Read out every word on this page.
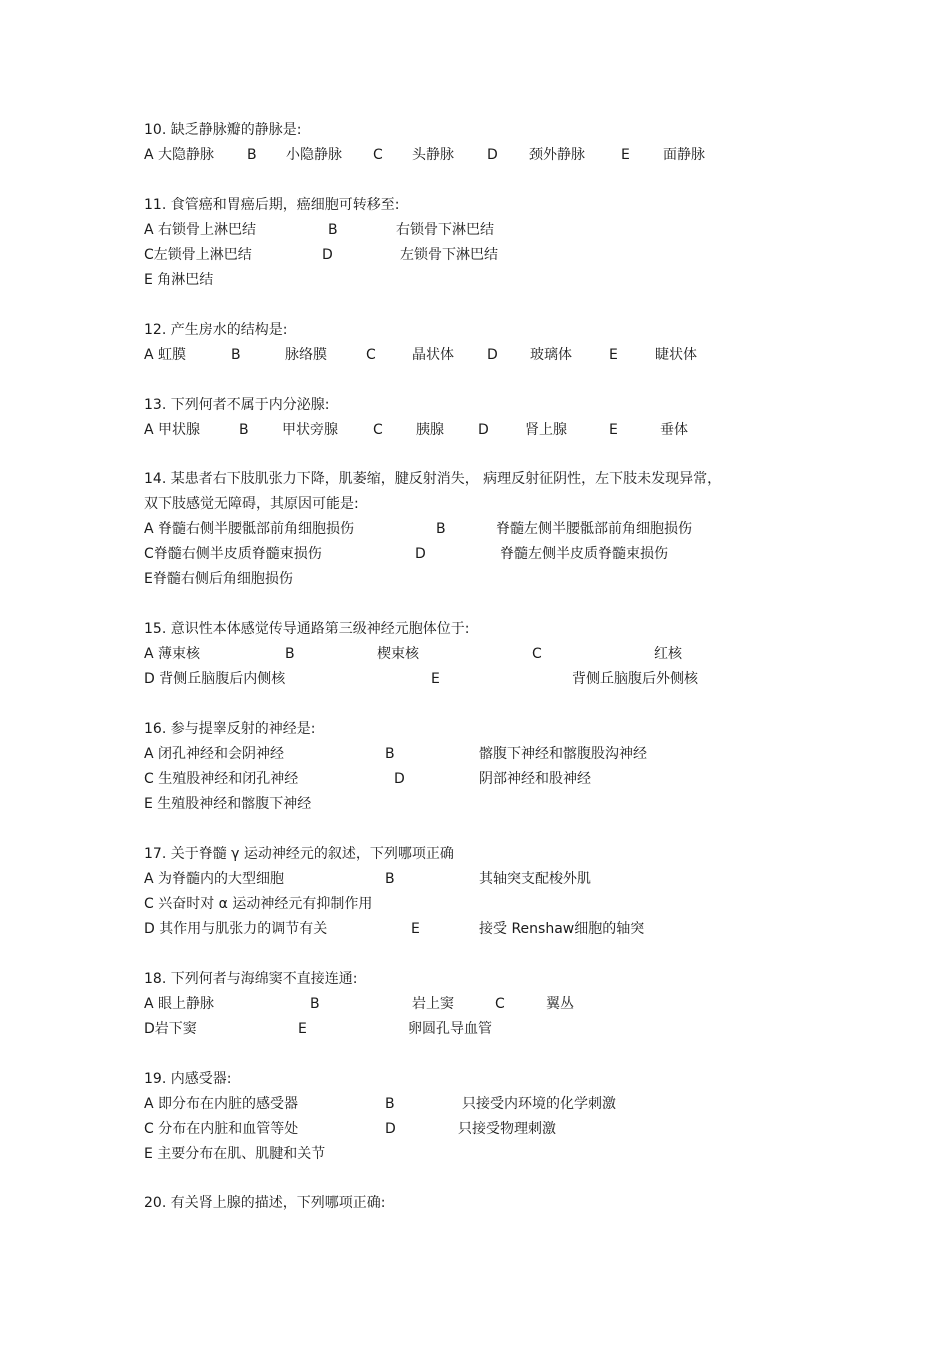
10. 缺乏静脉瓣的静脉是:
A 大隐静脉 B 小隐静脉 C 头静脉 D 颈外静脉	E 面静脉
11. 食管癌和胃癌后期，癌细胞可转移至:
A 右锁骨上淋巴结	B	右锁骨下淋巴结
C左锁骨上淋巴结	D	左锁骨下淋巴结
E 角淋巴结
12. 产生房水的结构是:
A 虹膜	B	脉络膜	C	晶状体 D 玻璃体	E	睫状体
13. 下列何者不属于内分泌腺:
A 甲状腺	B 甲状旁腺	C 胰腺 D	肾上腺	E	垂体
14. 某患者右下肢肌张力下降，肌萎缩，腱反射消失， 病理反射征阴性，左下肢未发现异常，
双下肢感觉无障碍，其原因可能是:
A 脊髓右侧半腰骶部前角细胞损伤	B	脊髓左侧半腰骶部前角细胞损伤
C脊髓右侧半皮质脊髓束损伤	D	脊髓左侧半皮质脊髓束损伤
E脊髓右侧后角细胞损伤
15. 意识性本体感觉传导通路第三级神经元胞体位于:
A 薄束核	B	楔束核	C	红核
D 背侧丘脑腹后内侧核	E	背侧丘脑腹后外侧核
16. 参与提睾反射的神经是:
A 闭孔神经和会阴神经	B	髂腹下神经和髂腹股沟神经
C 生殖股神经和闭孔神经	D	阴部神经和股神经
E 生殖股神经和髂腹下神经
17. 关于脊髓 γ 运动神经元的叙述，下列哪项正确
A 为脊髓内的大型细胞	B	其轴突支配梭外肌
C 兴奋时对 α 运动神经元有抑制作用
D 其作用与肌张力的调节有关	E	接受 Renshaw细胞的轴突
18. 下列何者与海绵窦不直接连通:
A 眼上静脉	B	岩上窦	C	翼丛
D岩下窦	E	卵圆孔导血管
19. 内感受器:
A 即分布在内脏的感受器	B	只接受内环境的化学刺激
C 分布在内脏和血管等处	D	只接受物理刺激
E 主要分布在肌、肌腱和关节
20. 有关肾上腺的描述，下列哪项正确:
